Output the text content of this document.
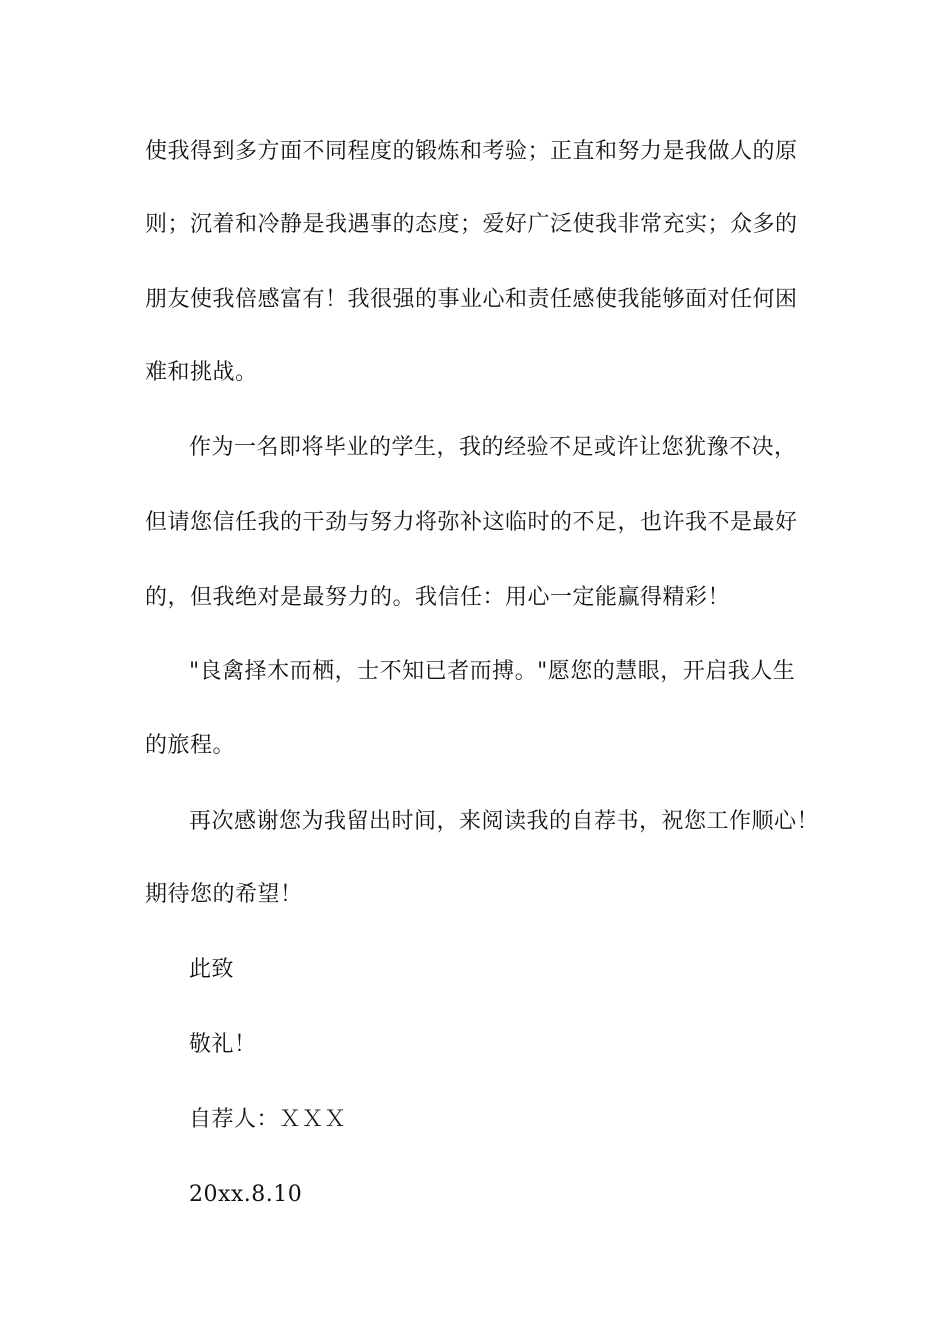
使我得到多方面不同程度的锻炼和考验；正直和努力是我做人的原
则；沉着和冷静是我遇事的态度；爱好广泛使我非常充实；众多的
朋友使我倍感富有！我很强的事业心和责任感使我能够面对任何困
难和挑战。
作为一名即将毕业的学生，我的经验不足或许让您犹豫不决，
但请您信任我的干劲与努力将弥补这临时的不足，也许我不是最好
的，但我绝对是最努力的。我信任：用心一定能赢得精彩！
"良禽择木而栖，士不知已者而搏。"愿您的慧眼，开启我人生
的旅程。
再次感谢您为我留出时间，来阅读我的自荐书，祝您工作顺心！
期待您的希望！
此致
敬礼！
自荐人：ＸＸＸ
20xx.8.10
